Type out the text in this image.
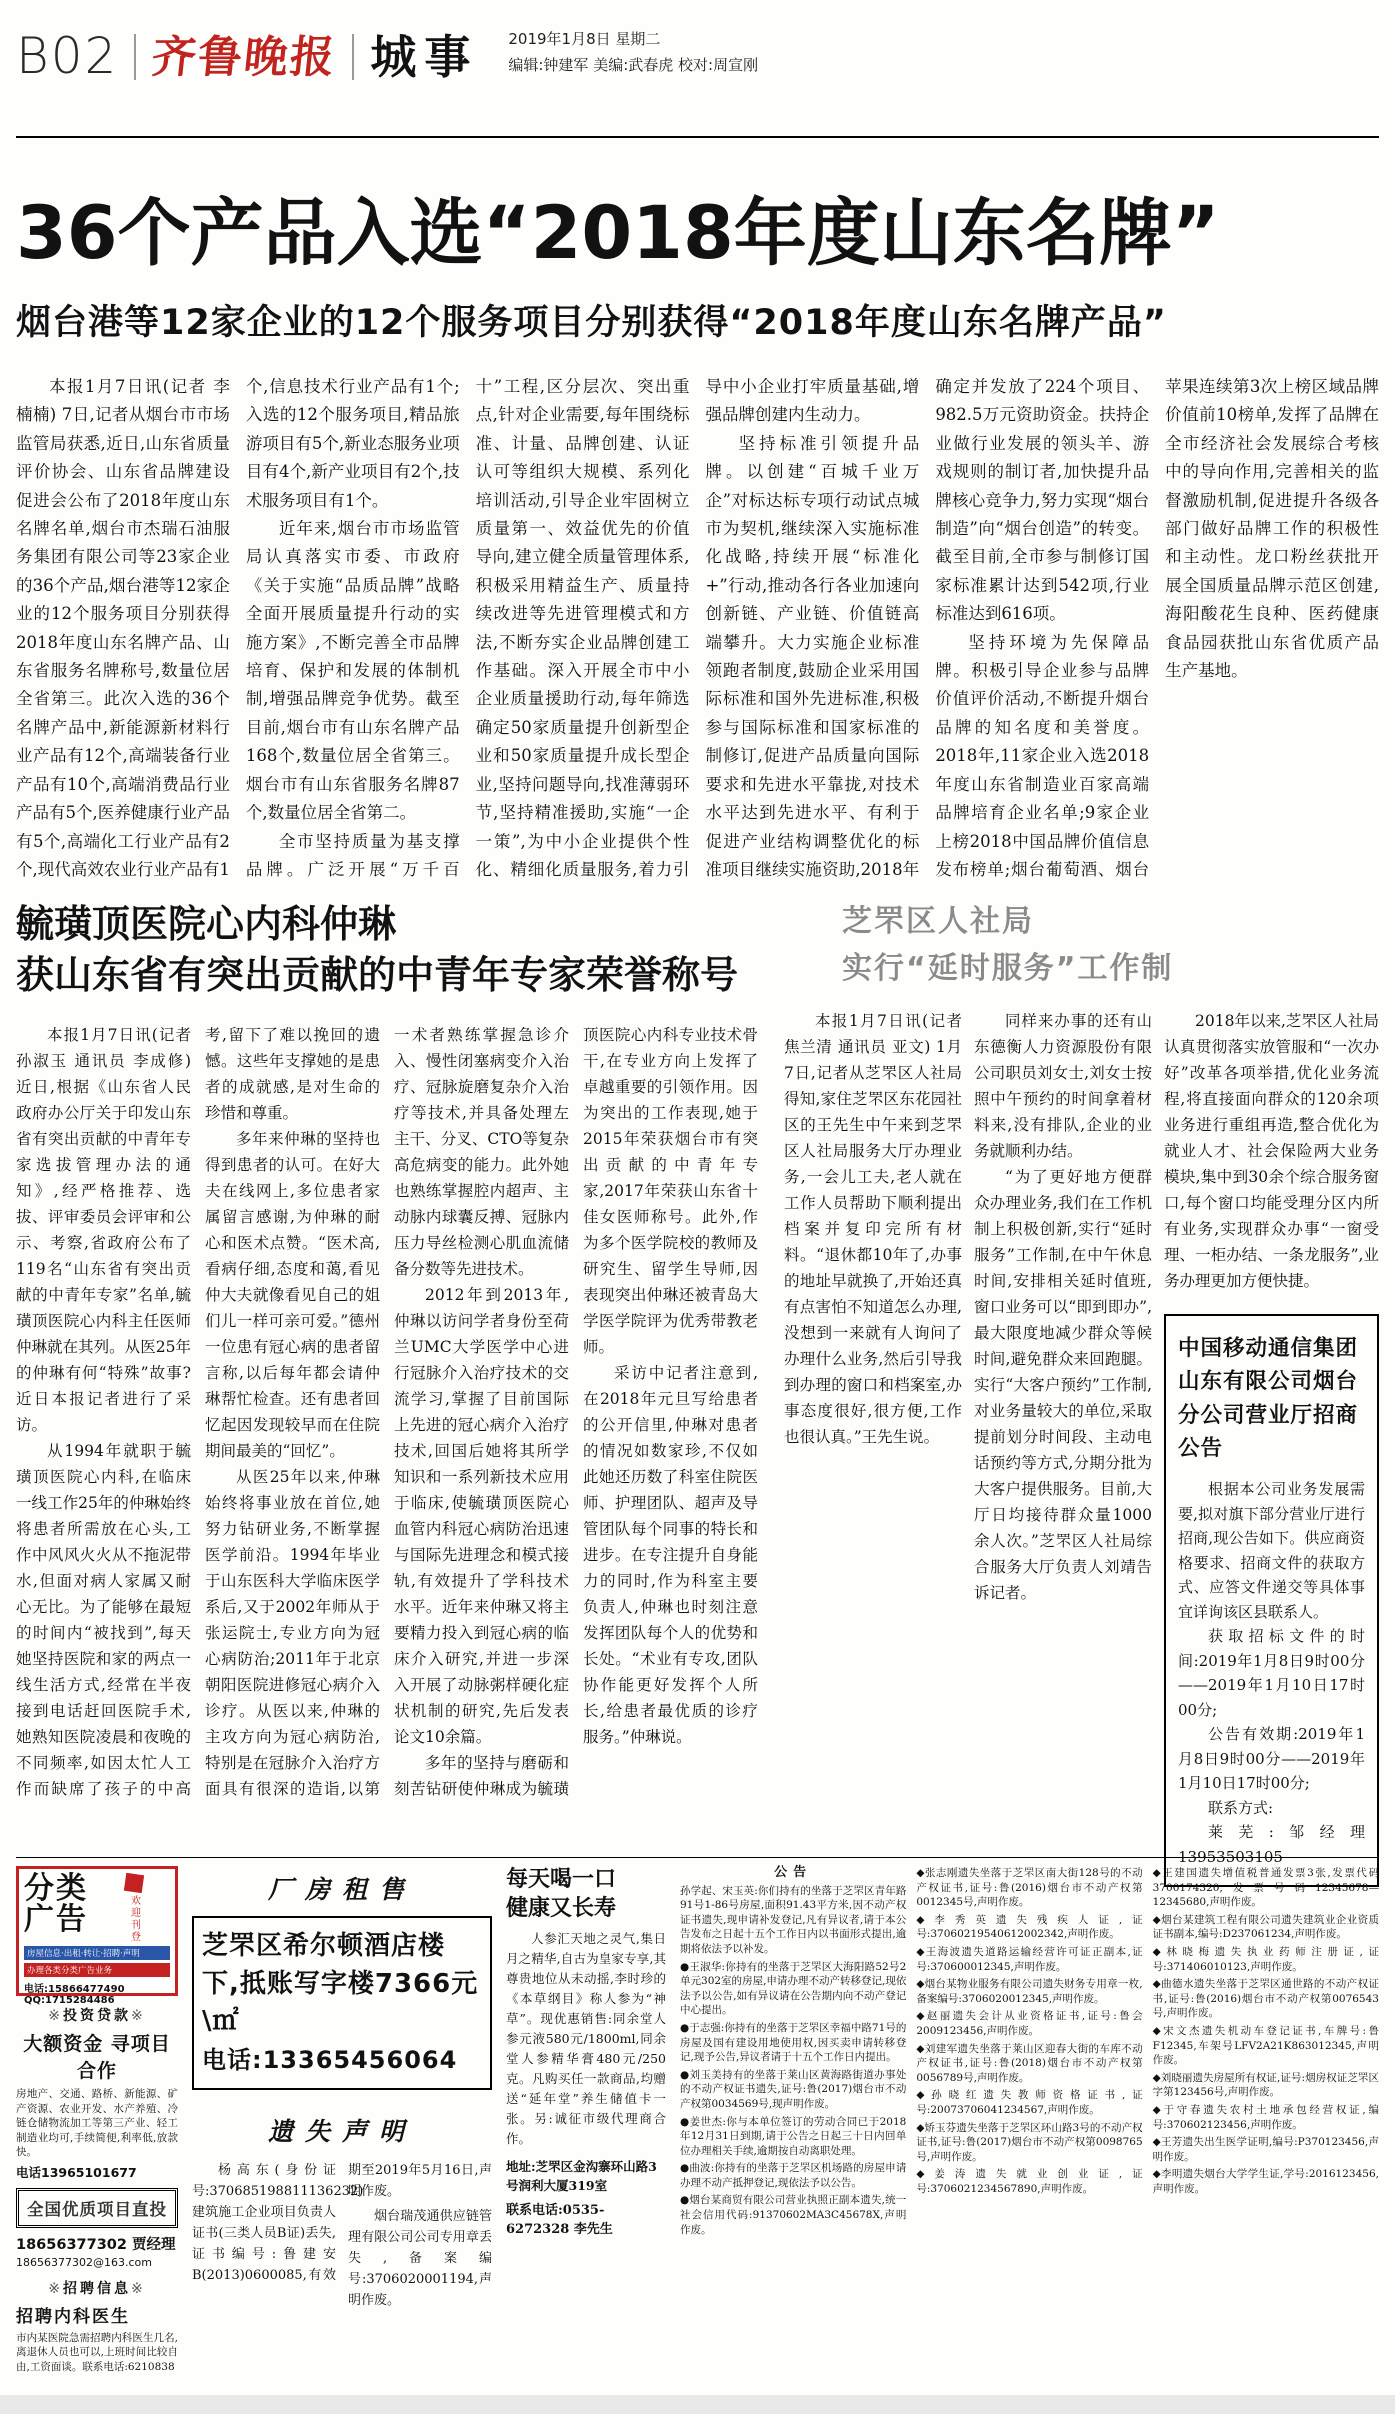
B02 齐鲁晚报 城事 2019年1月8日 星期二
编辑:钟建军 美编:武春虎 校对:周宣刚
36个产品入选“2018年度山东名牌”
烟台港等12家企业的12个服务项目分别获得“2018年度山东名牌产品”

本报1月7日讯(记者 李楠楠) 7日,记者从烟台市市场监管局获悉,近日,山东省质量评价协会、山东省品牌建设促进会公布了2018年度山东名牌名单,烟台市杰瑞石油服务集团有限公司等23家企业的36个产品,烟台港等12家企业的12个服务项目分别获得2018年度山东名牌产品、山东省服务名牌称号,数量位居全省第三。此次入选的36个名牌产品中,新能源新材料行业产品有12个,高端装备行业产品有10个,高端消费品行业产品有5个,医养健康行业产品有5个,高端化工行业产品有2个,现代高效农业行业产品有1个,信息技术行业产品有1个;入选的12个服务项目,精品旅游项目有5个,新业态服务业项目有4个,新产业项目有2个,技术服务项目有1个。

近年来,烟台市市场监管局认真落实市委、市政府《关于实施“品质品牌”战略全面开展质量提升行动的实施方案》,不断完善全市品牌培育、保护和发展的体制机制,增强品牌竞争优势。截至目前,烟台市有山东名牌产品168个,数量位居全省第三。烟台市有山东省服务名牌87个,数量位居全省第二。

全市坚持质量为基支撑品牌。广泛开展“万千百十”工程,区分层次、突出重点,针对企业需要,每年围绕标准、计量、品牌创建、认证认可等组织大规模、系列化培训活动,引导企业牢固树立质量第一、效益优先的价值导向,建立健全质量管理体系,积极采用精益生产、质量持续改进等先进管理模式和方法,不断夯实企业品牌创建工作基础。深入开展全市中小企业质量援助行动,每年筛选确定50家质量提升创新型企业和50家质量提升成长型企业,坚持问题导向,找准薄弱环节,坚持精准援助,实施“一企一策”,为中小企业提供个性化、精细化质量服务,着力引导中小企业打牢质量基础,增强品牌创建内生动力。

坚持标准引领提升品牌。以创建“百城千业万企”对标达标专项行动试点城市为契机,继续深入实施标准化战略,持续开展“标准化+”行动,推动各行各业加速向创新链、产业链、价值链高端攀升。大力实施企业标准领跑者制度,鼓励企业采用国际标准和国外先进标准,积极参与国际标准和国家标准的制修订,促进产品质量向国际要求和先进水平靠拢,对技术水平达到先进水平、有利于促进产业结构调整优化的标准项目继续实施资助,2018年确定并发放了224个项目、982.5万元资助资金。扶持企业做行业发展的领头羊、游戏规则的制订者,加快提升品牌核心竞争力,努力实现“烟台制造”向“烟台创造”的转变。截至目前,全市参与制修订国家标准累计达到542项,行业标准达到616项。

坚持环境为先保障品牌。积极引导企业参与品牌价值评价活动,不断提升烟台品牌的知名度和美誉度。2018年,11家企业入选2018年度山东省制造业百家高端品牌培育企业名单;9家企业上榜2018中国品牌价值信息发布榜单;烟台葡萄酒、烟台苹果连续第3次上榜区域品牌价值前10榜单,发挥了品牌在全市经济社会发展综合考核中的导向作用,完善相关的监督激励机制,促进提升各级各部门做好品牌工作的积极性和主动性。龙口粉丝获批开展全国质量品牌示范区创建,海阳酸花生良种、医药健康食品园获批山东省优质产品生产基地。

毓璜顶医院心内科仲琳
获山东省有突出贡献的中青年专家荣誉称号

本报1月7日讯(记者 孙淑玉 通讯员 李成修) 近日,根据《山东省人民政府办公厅关于印发山东省有突出贡献的中青年专家选拔管理办法的通知》,经严格推荐、选拔、评审委员会评审和公示、考察,省政府公布了119名“山东省有突出贡献的中青年专家”名单,毓璜顶医院心内科主任医师仲琳就在其列。从医25年的仲琳有何“特殊”故事?近日本报记者进行了采访。

从1994年就职于毓璜顶医院心内科,在临床一线工作25年的仲琳始终将患者所需放在心头,工作中风风火火从不拖泥带水,但面对病人家属又耐心无比。为了能够在最短的时间内“被找到”,每天她坚持医院和家的两点一线生活方式,经常在半夜接到电话赶回医院手术,她熟知医院凌晨和夜晚的不同频率,如因太忙人工作而缺席了孩子的中高考,留下了难以挽回的遗憾。这些年支撑她的是患者的成就感,是对生命的珍惜和尊重。

多年来仲琳的坚持也得到患者的认可。在好大夫在线网上,多位患者家属留言感谢,为仲琳的耐心和医术点赞。“医术高,看病仔细,态度和蔼,看见仲大夫就像看见自己的姐们儿一样可亲可爱。”德州一位患有冠心病的患者留言称,以后每年都会请仲琳帮忙检查。还有患者回忆起因发现较早而在住院期间最美的“回忆”。

从医25年以来,仲琳始终将事业放在首位,她努力钻研业务,不断掌握医学前沿。1994年毕业于山东医科大学临床医学系后,又于2002年师从于张运院士,专业方向为冠心病防治;2011年于北京朝阳医院进修冠心病介入诊疗。从医以来,仲琳的主攻方向为冠心病防治,特别是在冠脉介入治疗方面具有很深的造诣,以第一术者熟练掌握急诊介入、慢性闭塞病变介入治疗、冠脉旋磨复杂介入治疗等技术,并具备处理左主干、分叉、CTO等复杂高危病变的能力。此外她也熟练掌握腔内超声、主动脉内球囊反搏、冠脉内压力导丝检测心肌血流储备分数等先进技术。

2012年到2013年,仲琳以访问学者身份至荷兰UMC大学医学中心进行冠脉介入治疗技术的交流学习,掌握了目前国际上先进的冠心病介入治疗技术,回国后她将其所学知识和一系列新技术应用于临床,使毓璜顶医院心血管内科冠心病防治迅速与国际先进理念和模式接轨,有效提升了学科技术水平。近年来仲琳又将主要精力投入到冠心病的临床介入研究,并进一步深入开展了动脉粥样硬化症状机制的研究,先后发表论文10余篇。

多年的坚持与磨砺和刻苦钻研使仲琳成为毓璜顶医院心内科专业技术骨干,在专业方向上发挥了卓越重要的引领作用。因为突出的工作表现,她于2015年荣获烟台市有突出贡献的中青年专家,2017年荣获山东省十佳女医师称号。此外,作为多个医学院校的教师及研究生、留学生导师,因表现突出仲琳还被青岛大学医学院评为优秀带教老师。

采访中记者注意到,在2018年元旦写给患者的公开信里,仲琳对患者的情况如数家珍,不仅如此她还历数了科室住院医师、护理团队、超声及导管团队每个同事的特长和进步。在专注提升自身能力的同时,作为科室主要负责人,仲琳也时刻注意发挥团队每个人的优势和长处。“术业有专攻,团队协作能更好发挥个人所长,给患者最优质的诊疗服务。”仲琳说。

芝罘区人社局
实行“延时服务”工作制

本报1月7日讯(记者 焦兰清 通讯员 亚文) 1月7日,记者从芝罘区人社局得知,家住芝罘区东花园社区的王先生中午来到芝罘区人社局服务大厅办理业务,一会儿工夫,老人就在工作人员帮助下顺利提出档案并复印完所有材料。“退休都10年了,办事的地址早就换了,开始还真有点害怕不知道怎么办理,没想到一来就有人询问了办理什么业务,然后引导我到办理的窗口和档案室,办事态度很好,很方便,工作也很认真。”王先生说。

同样来办事的还有山东德衡人力资源股份有限公司职员刘女士,刘女士按照中午预约的时间拿着材料来,没有排队,企业的业务就顺利办结。

“为了更好地方便群众办理业务,我们在工作机制上积极创新,实行“延时服务”工作制,在中午休息时间,安排相关延时值班,窗口业务可以“即到即办”,最大限度地减少群众等候时间,避免群众来回跑腿。实行“大客户预约”工作制,对业务量较大的单位,采取提前划分时间段、主动电话预约等方式,分期分批为大客户提供服务。目前,大厅日均接待群众量1000余人次。”芝罘区人社局综合服务大厅负责人刘靖告诉记者。

2018年以来,芝罘区人社局认真贯彻落实放管服和“一次办好”改革各项举措,优化业务流程,将直接面向群众的120余项业务进行重组再造,整合优化为就业人才、社会保险两大业务模块,集中到30余个综合服务窗口,每个窗口均能受理分区内所有业务,实现群众办事“一窗受理、一柜办结、一条龙服务”,业务办理更加方便快捷。

中国移动通信集团山东有限公司烟台分公司营业厅招商公告

根据本公司业务发展需要,拟对旗下部分营业厅进行招商,现公告如下。供应商资格要求、招商文件的获取方式、应答文件递交等具体事宜详询该区县联系人。

获取招标文件的时间:2019年1月8日9时00分——2019年1月10日17时00分;

公告有效期:2019年1月8日9时00分——2019年1月10日17时00分;

联系方式:

莱芜:邹经理13953503105

分类广告	欢迎刊登
房屋信息·出租·转让·招聘·声明
办理各类分类广告业务
电话:15866477490 QQ:1715284486
※投资贷款※
大额资金 寻项目合作
房地产、交通、路桥、新能源、矿产资源、农业开发、水产养殖、冷链仓储物流加工等第三产业、轻工制造业均可,手续简便,利率低,放款快。
电话13965101677
全国优质项目直投
18656377302 贾经理
18656377302@163.com
※招聘信息※
招聘内科医生
市内某医院急需招聘内科医生几名,离退休人员也可以,上班时间比较自由,工资面谈。联系电话:6210838
厂房租售
芝罘区希尔顿酒店楼下,抵账写字楼7366元\㎡
电话:13365456064
遗失声明

杨高东(身份证号:370685198811136232)建筑施工企业项目负责人证书(三类人员B证)丢失,证书编号:鲁建安B(2013)0600085,有效期至2019年5月16日,声明作废。

烟台瑞茂通供应链管理有限公司公司专用章丢失,备案编号:3706020001194,声明作废。

每天喝一口
健康又长寿

人参汇天地之灵气,集日月之精华,自古为皇家专享,其尊贵地位从未动摇,李时珍的《本草纲目》称人参为“神草”。现优惠销售:同余堂人参元液580元/1800ml,同余堂人参精华膏480元/250克。凡购买任一款商品,均赠送“延年堂”养生储值卡一张。另:诚征市级代理商合作。

地址:芝罘区金沟寨环山路3号润利大厦319室
联系电话:0535-6272328 李先生
公告

孙学起、宋玉英:你们持有的坐落于芝罘区青年路91号1-86号房屋,面积91.43平方米,因不动产权证书遗失,现申请补发登记,凡有异议者,请于本公告发布之日起十五个工作日内以书面形式提出,逾期将依法予以补发。

●王淑华:你持有的坐落于芝罘区大海阳路52号2单元302室的房屋,申请办理不动产转移登记,现依法予以公告,如有异议请在公告期内向不动产登记中心提出。

●于志强:你持有的坐落于芝罘区幸福中路71号的房屋及国有建设用地使用权,因买卖申请转移登记,现予公告,异议者请于十五个工作日内提出。

●刘玉美持有的坐落于莱山区黄海路街道办事处的不动产权证书遗失,证号:鲁(2017)烟台市不动产权第0034569号,现声明作废。

●姜世杰:你与本单位签订的劳动合同已于2018年12月31日到期,请于公告之日起三十日内回单位办理相关手续,逾期按自动离职处理。

●曲波:你持有的坐落于芝罘区机场路的房屋申请办理不动产抵押登记,现依法予以公告。

●烟台某商贸有限公司营业执照正副本遗失,统一社会信用代码:91370602MA3C45678X,声明作废。

◆张志刚遗失坐落于芝罘区南大街128号的不动产权证书,证号:鲁(2016)烟台市不动产权第0012345号,声明作废。

◆李秀英遗失残疾人证,证号:37060219540612002342,声明作废。

◆王海波遗失道路运输经营许可证正副本,证号:370600012345,声明作废。

◆烟台某物业服务有限公司遗失财务专用章一枚,备案编号:3706020012345,声明作废。

◆赵丽遗失会计从业资格证书,证号:鲁会2009123456,声明作废。

◆刘建军遗失坐落于莱山区迎春大街的车库不动产权证书,证号:鲁(2018)烟台市不动产权第0056789号,声明作废。

◆孙晓红遗失教师资格证书,证号:20073706041234567,声明作废。

◆矫玉芬遗失坐落于芝罘区环山路3号的不动产权证书,证号:鲁(2017)烟台市不动产权第0098765号,声明作废。

◆姜涛遗失就业创业证,证号:3706021234567890,声明作废。

◆王建国遗失增值税普通发票3张,发票代码3700174320,发票号码12345678—12345680,声明作废。

◆烟台某建筑工程有限公司遗失建筑业企业资质证书副本,编号:D237061234,声明作废。

◆林晓梅遗失执业药师注册证,证号:371406010123,声明作废。

◆曲德水遗失坐落于芝罘区通世路的不动产权证书,证号:鲁(2016)烟台市不动产权第0076543号,声明作废。

◆宋文杰遗失机动车登记证书,车牌号:鲁F12345,车架号LFV2A21K863012345,声明作废。

◆刘晓丽遗失房屋所有权证,证号:烟房权证芝罘区字第123456号,声明作废。

◆于守春遗失农村土地承包经营权证,编号:370602123456,声明作废。

◆王芳遗失出生医学证明,编号:P370123456,声明作废。

◆李明遗失烟台大学学生证,学号:2016123456,声明作废。
